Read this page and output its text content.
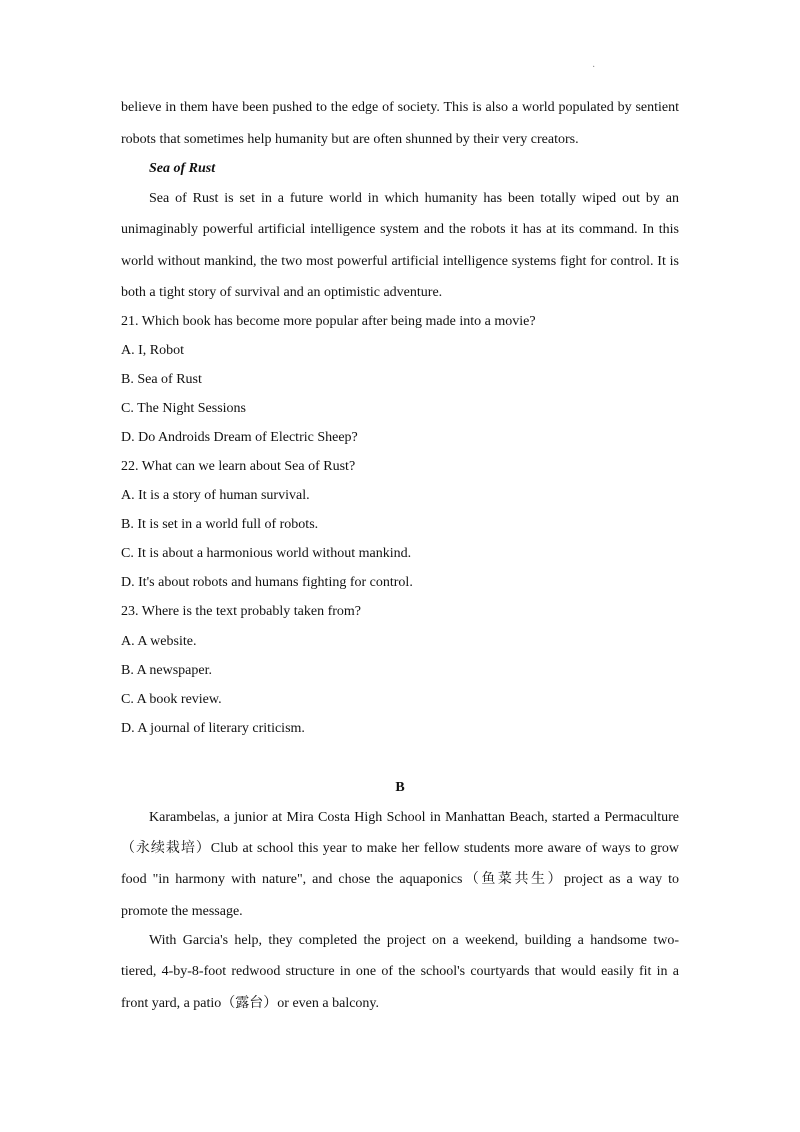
·
believe in them have been pushed to the edge of society. This is also a world populated by sentient
robots that sometimes help humanity but are often shunned by their very creators.
Sea of Rust
Sea of Rust is set in a future world in which humanity has been totally wiped out by an
unimaginably powerful artificial intelligence system and the robots it has at its command. In this
world without mankind, the two most powerful artificial intelligence systems fight for control. It is
both a tight story of survival and an optimistic adventure.
21. Which book has become more popular after being made into a movie?
A. I, Robot
B. Sea of Rust
C. The Night Sessions
D. Do Androids Dream of Electric Sheep?
22. What can we learn about Sea of Rust?
A. It is a story of human survival.
B. It is set in a world full of robots.
C. It is about a harmonious world without mankind.
D. It's about robots and humans fighting for control.
23. Where is the text probably taken from?
A. A website.
B. A newspaper.
C. A book review.
D. A journal of literary criticism.
B
Karambelas, a junior at Mira Costa High School in Manhattan Beach, started a Permaculture
（永续栽培）Club at school this year to make her fellow students more aware of ways to grow
food "in harmony with nature", and chose the aquaponics（鱼菜共生）project as a way to
promote the message.
With Garcia's help, they completed the project on a weekend, building a handsome two-
tiered, 4-by-8-foot redwood structure in one of the school's courtyards that would easily fit in a
front yard, a patio（露台）or even a balcony.
